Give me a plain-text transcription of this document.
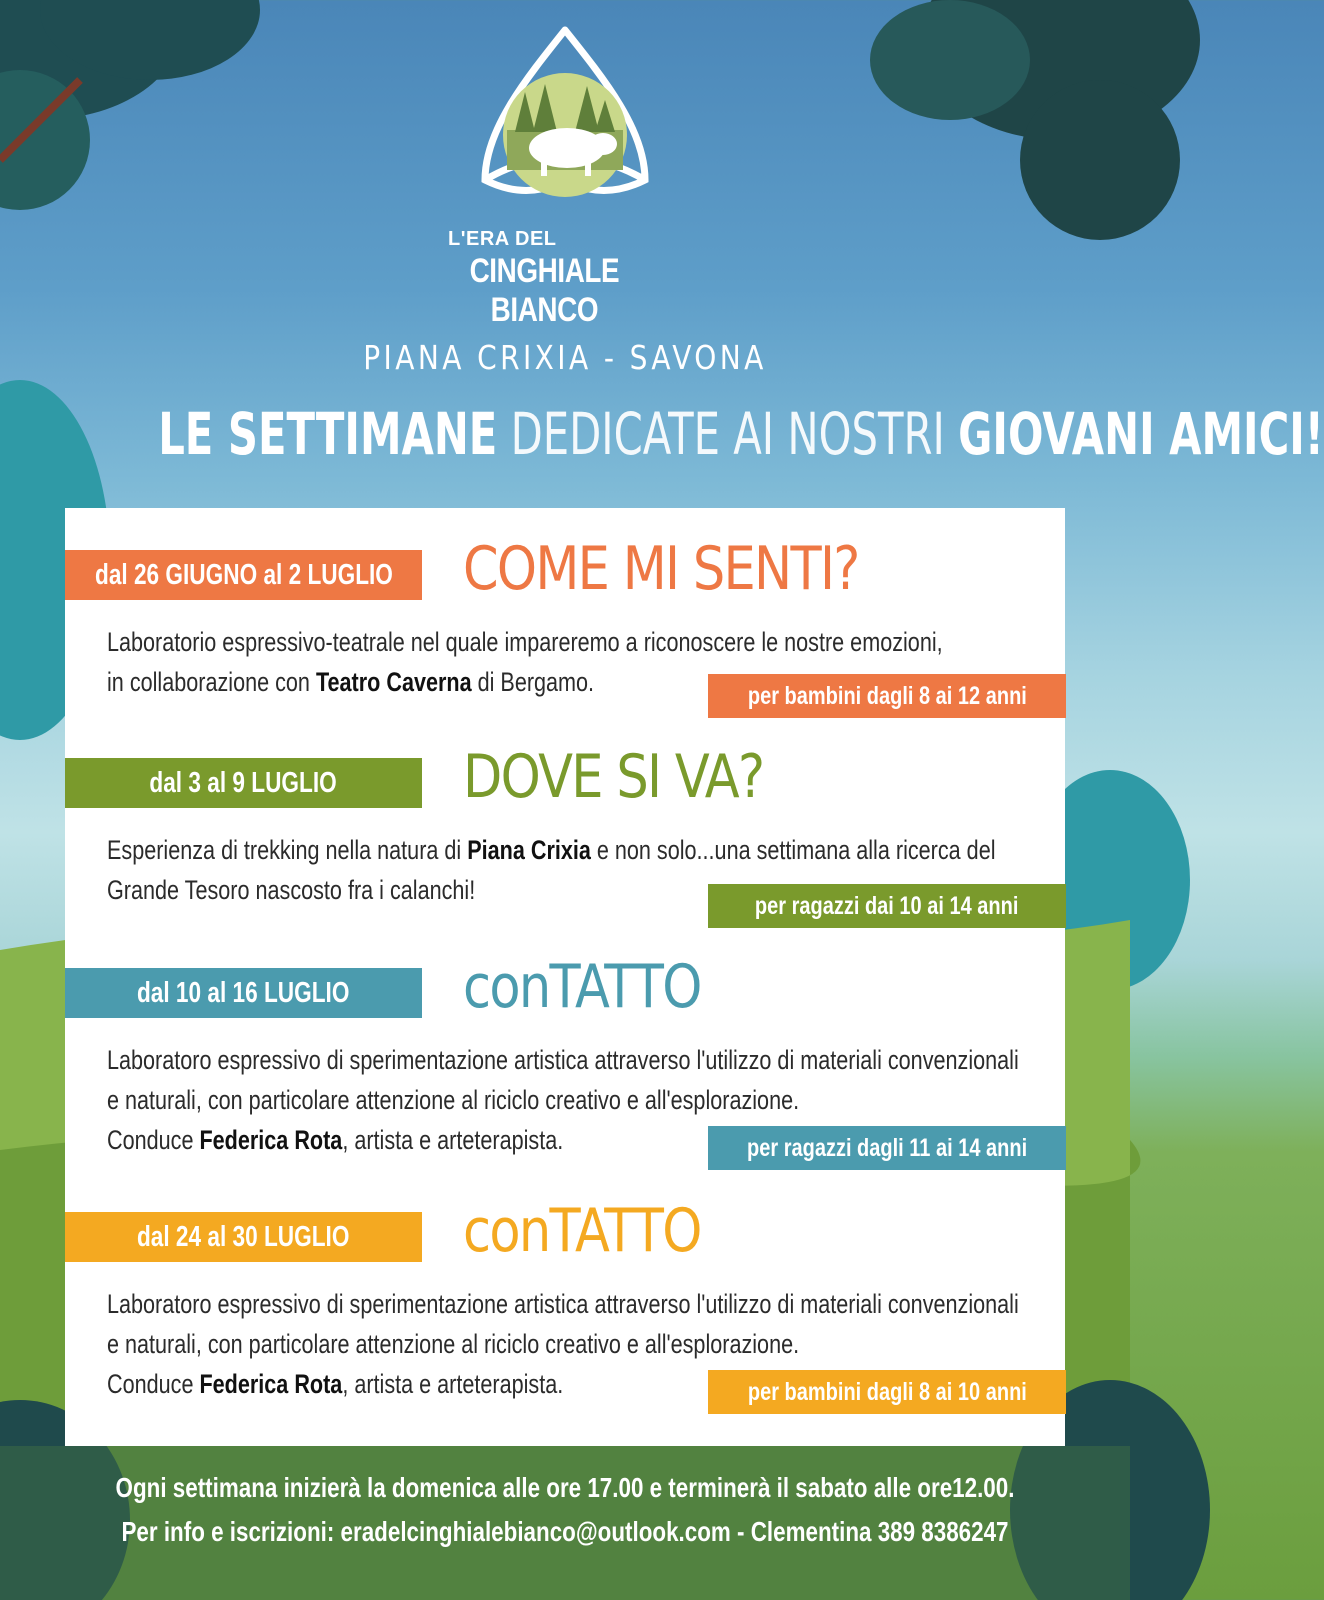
L'ERA DEL
CINGHIALE BIANCO
PIANA CRIXIA - SAVONA
LE SETTIMANE DEDICATE AI NOSTRI GIOVANI AMICI!
dal 26 GIUGNO al 2 LUGLIO COME MI SENTI?
Laboratorio espressivo-teatrale nel quale impareremo a riconoscere le nostre emozioni,
in collaborazione con Teatro Caverna di Bergamo.	per bambini dagli 8 ai 12 anni
dal 3 al 9 LUGLIO DOVE SI VA?
Esperienza di trekking nella natura di Piana Crixia e non solo...una settimana alla ricerca del
Grande Tesoro nascosto fra i calanchi!
per ragazzi dai 10 ai 14 anni
dal 10 al 16 LUGLIO conTATTO
Laboratoro espressivo di sperimentazione artistica attraverso l'utilizzo di materiali convenzionali
e naturali, con particolare attenzione al riciclo creativo e all'esplorazione.
Conduce Federica Rota, artista e arteterapista.	per ragazzi dagli 11 ai 14 anni
dal 24 al 30 LUGLIO conTATTO
Laboratoro espressivo di sperimentazione artistica attraverso l'utilizzo di materiali convenzionali
e naturali, con particolare attenzione al riciclo creativo e all'esplorazione.
Conduce Federica Rota, artista e arteterapista.	per bambini dagli 8 ai 10 anni
Ogni settimana inizierà la domenica alle ore 17.00 e terminerà il sabato alle ore12.00.
Per info e iscrizioni: eradelcinghialebianco@outlook.com - Clementina 389 8386247
